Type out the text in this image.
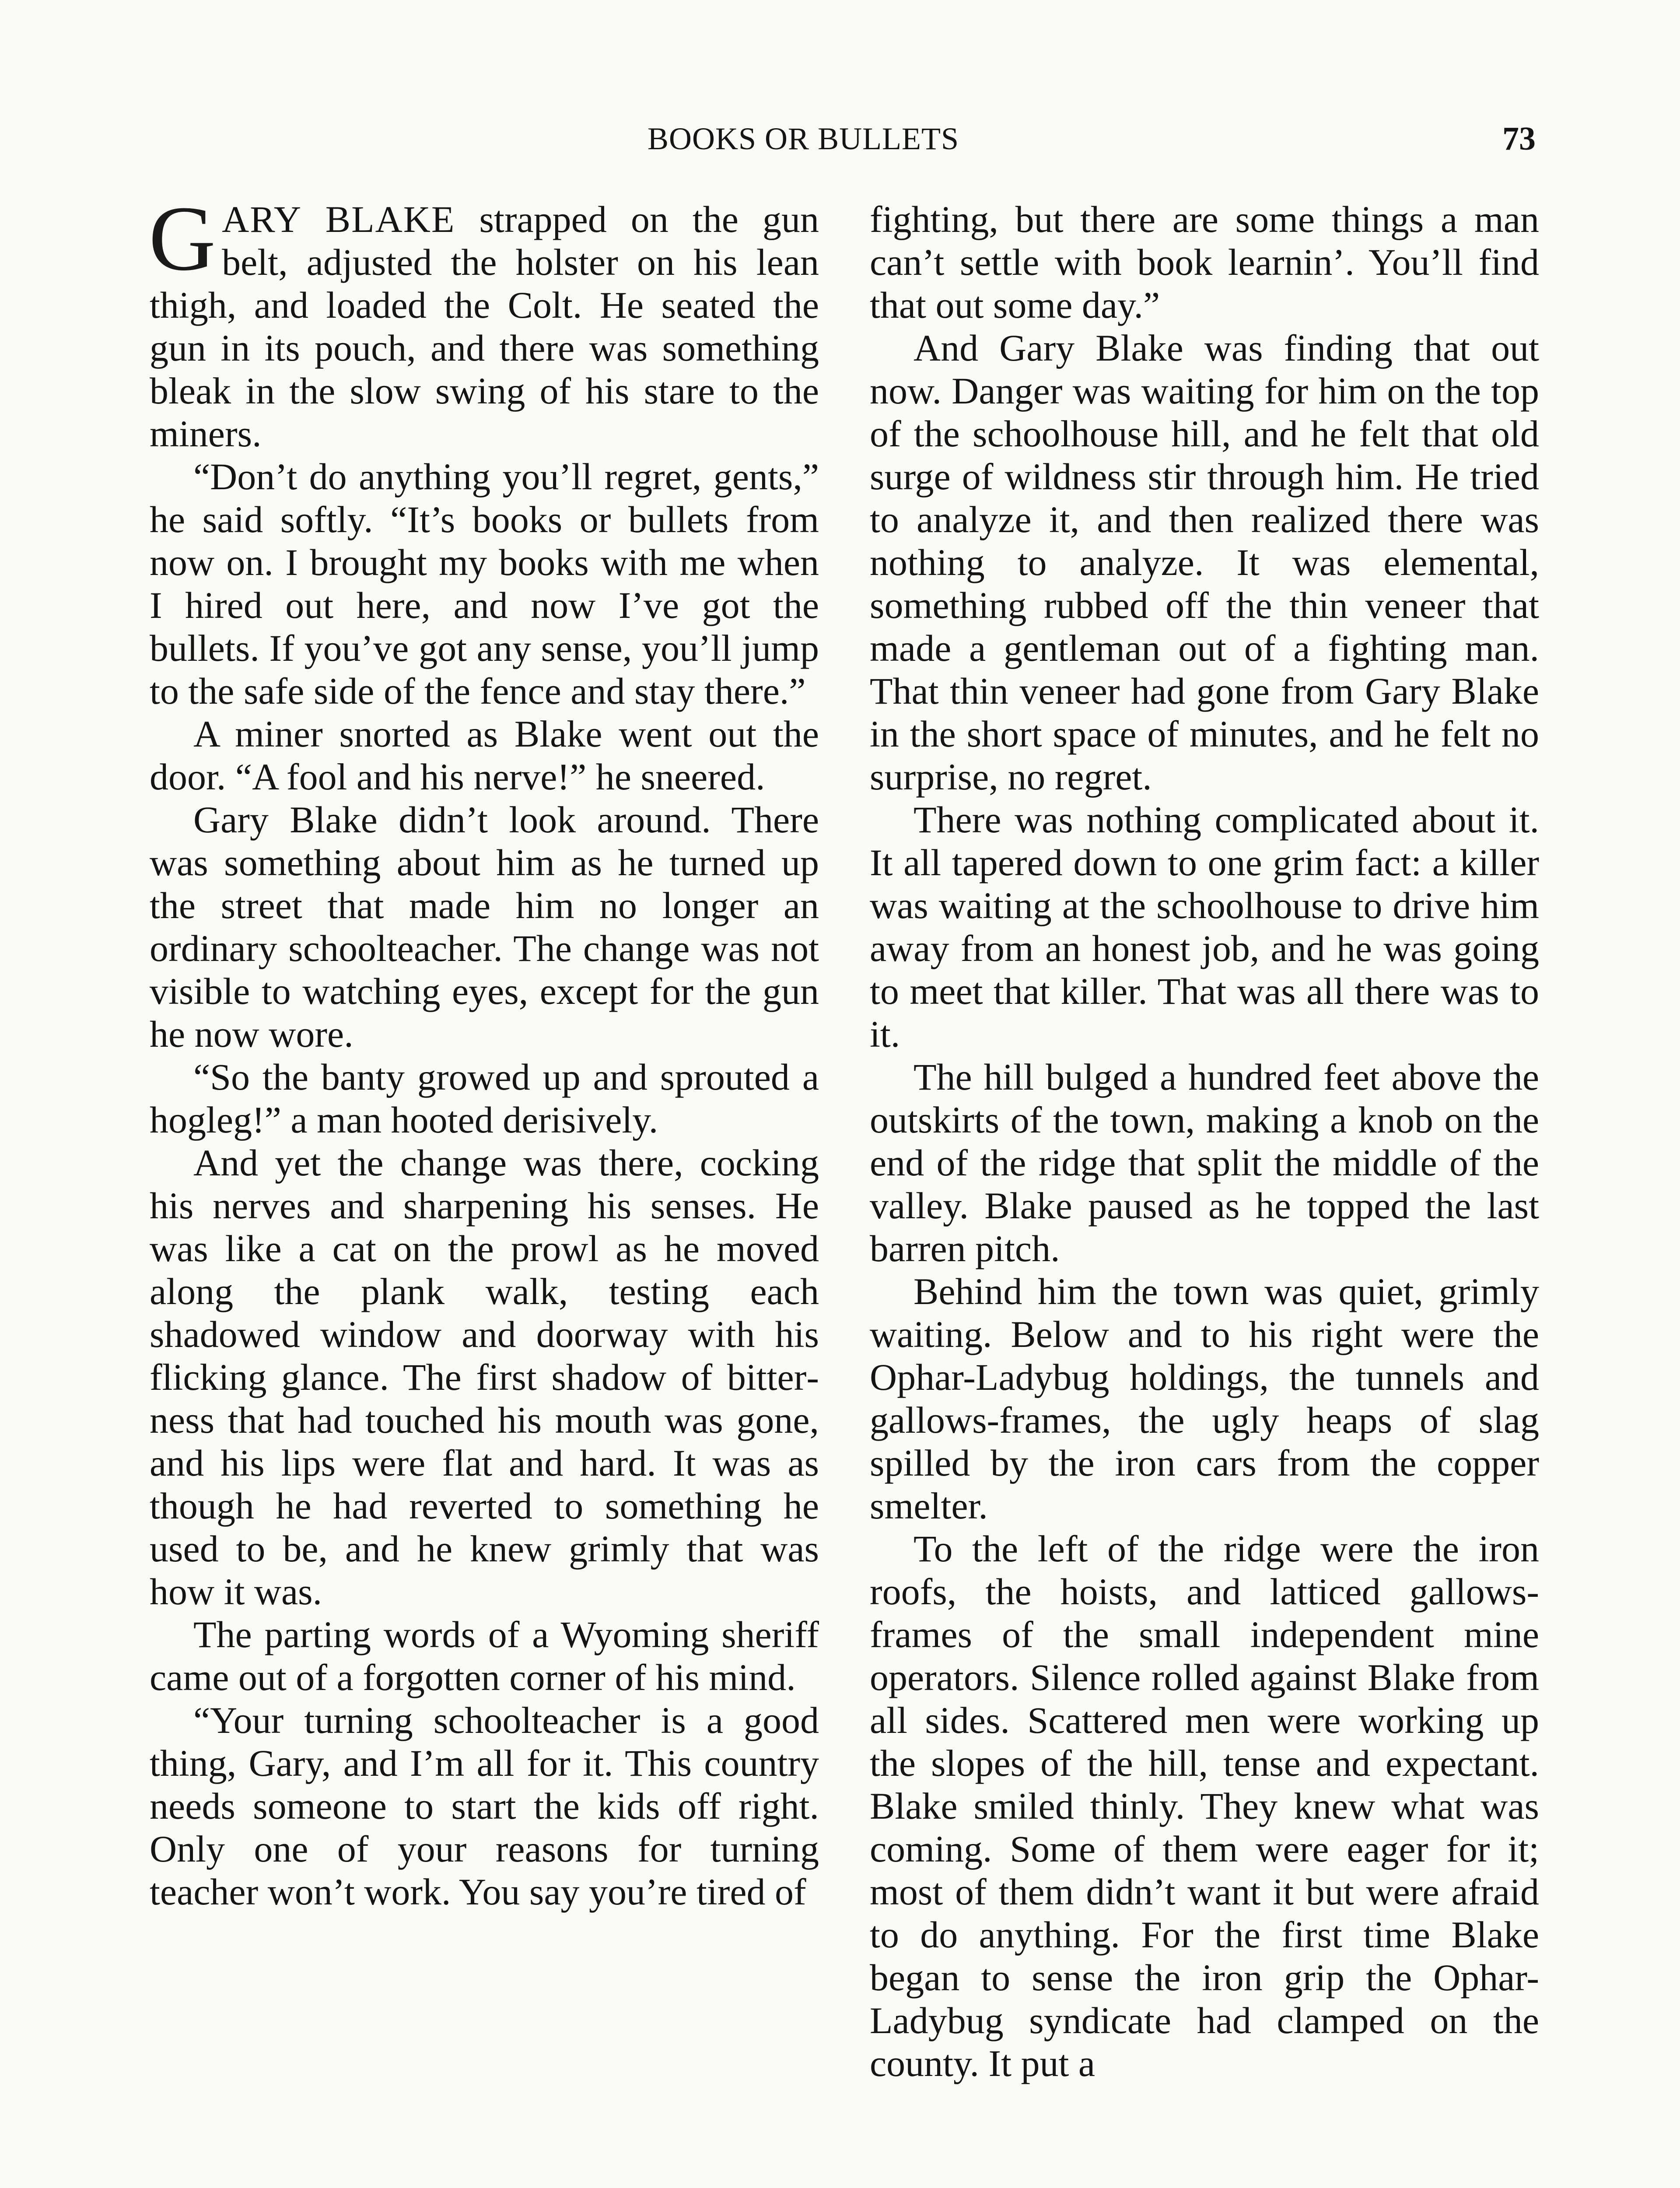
BOOKS OR BULLETS	73

GARY BLAKE strapped on the gun belt, adjusted the holster on his lean thigh, and loaded the Colt. He seated the gun in its pouch, and there was something bleak in the slow swing of his stare to the miners.

“Don’t do anything you’ll regret, gents,” he said softly. “It’s books or bullets from now on. I brought my books with me when I hired out here, and now I’ve got the bullets. If you’ve got any sense, you’ll jump to the safe side of the fence and stay there.”

A miner snorted as Blake went out the door. “A fool and his nerve!” he sneered.

Gary Blake didn’t look around. There was something about him as he turned up the street that made him no longer an ordinary schoolteacher. The change was not visible to watching eyes, except for the gun he now wore.

“So the banty growed up and sprouted a hogleg!” a man hooted derisively.

And yet the change was there, cocking his nerves and sharpening his senses. He was like a cat on the prowl as he moved along the plank walk, testing each shadowed window and doorway with his flicking glance. The first shadow of bitterness that had touched his mouth was gone, and his lips were flat and hard. It was as though he had reverted to something he used to be, and he knew grimly that was how it was.

The parting words of a Wyoming sheriff came out of a forgotten corner of his mind.

“Your turning schoolteacher is a good thing, Gary, and I’m all for it. This country needs someone to start the kids off right. Only one of your reasons for turning teacher won’t work. You say you’re tired of

fighting, but there are some things a man can’t settle with book learnin’. You’ll find that out some day.”

And Gary Blake was finding that out now. Danger was waiting for him on the top of the schoolhouse hill, and he felt that old surge of wildness stir through him. He tried to analyze it, and then realized there was nothing to analyze. It was elemental, something rubbed off the thin veneer that made a gentleman out of a fighting man. That thin veneer had gone from Gary Blake in the short space of minutes, and he felt no surprise, no regret.

There was nothing complicated about it. It all tapered down to one grim fact: a killer was waiting at the schoolhouse to drive him away from an honest job, and he was going to meet that killer. That was all there was to it.

The hill bulged a hundred feet above the outskirts of the town, making a knob on the end of the ridge that split the middle of the valley. Blake paused as he topped the last barren pitch.

Behind him the town was quiet, grimly waiting. Below and to his right were the Ophar-Ladybug holdings, the tunnels and gallows-frames, the ugly heaps of slag spilled by the iron cars from the copper smelter.

To the left of the ridge were the iron roofs, the hoists, and latticed gallows-frames of the small independent mine operators. Silence rolled against Blake from all sides. Scattered men were working up the slopes of the hill, tense and expectant. Blake smiled thinly. They knew what was coming. Some of them were eager for it; most of them didn’t want it but were afraid to do anything. For the first time Blake began to sense the iron grip the Ophar-Ladybug syndicate had clamped on the county. It put a
